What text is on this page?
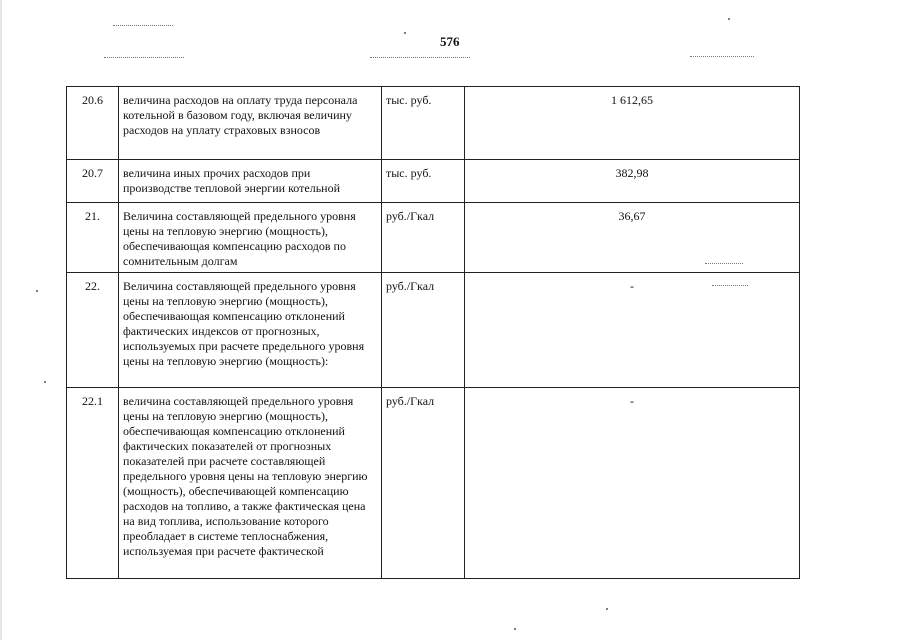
576
20.6	величина расходов на оплату труда персонала котельной в базовом году, включая величину расходов на уплату страховых взносов	тыс. руб.	1 612,65
20.7	величина иных прочих расходов при производстве тепловой энергии котельной	тыс. руб.	382,98
21.	Величина составляющей предельного уровня цены на тепловую энергию (мощность), обеспечивающая компенсацию расходов по сомнительным долгам	руб./Гкал	36,67
22.	Величина составляющей предельного уровня цены на тепловую энергию (мощность), обеспечивающая компенсацию отклонений фактических индексов от прогнозных, используемых при расчете предельного уровня цены на тепловую энергию (мощность):	руб./Гкал	-
22.1	величина составляющей предельного уровня цены на тепловую энергию (мощность), обеспечивающая компенсацию отклонений фактических показателей от прогнозных показателей при расчете составляющей предельного уровня цены на тепловую энергию (мощность), обеспечивающей компенсацию расходов на топливо, а также фактическая цена на вид топлива, использование которого преобладает в системе теплоснабжения, используемая при расчете фактической	руб./Гкал	-
